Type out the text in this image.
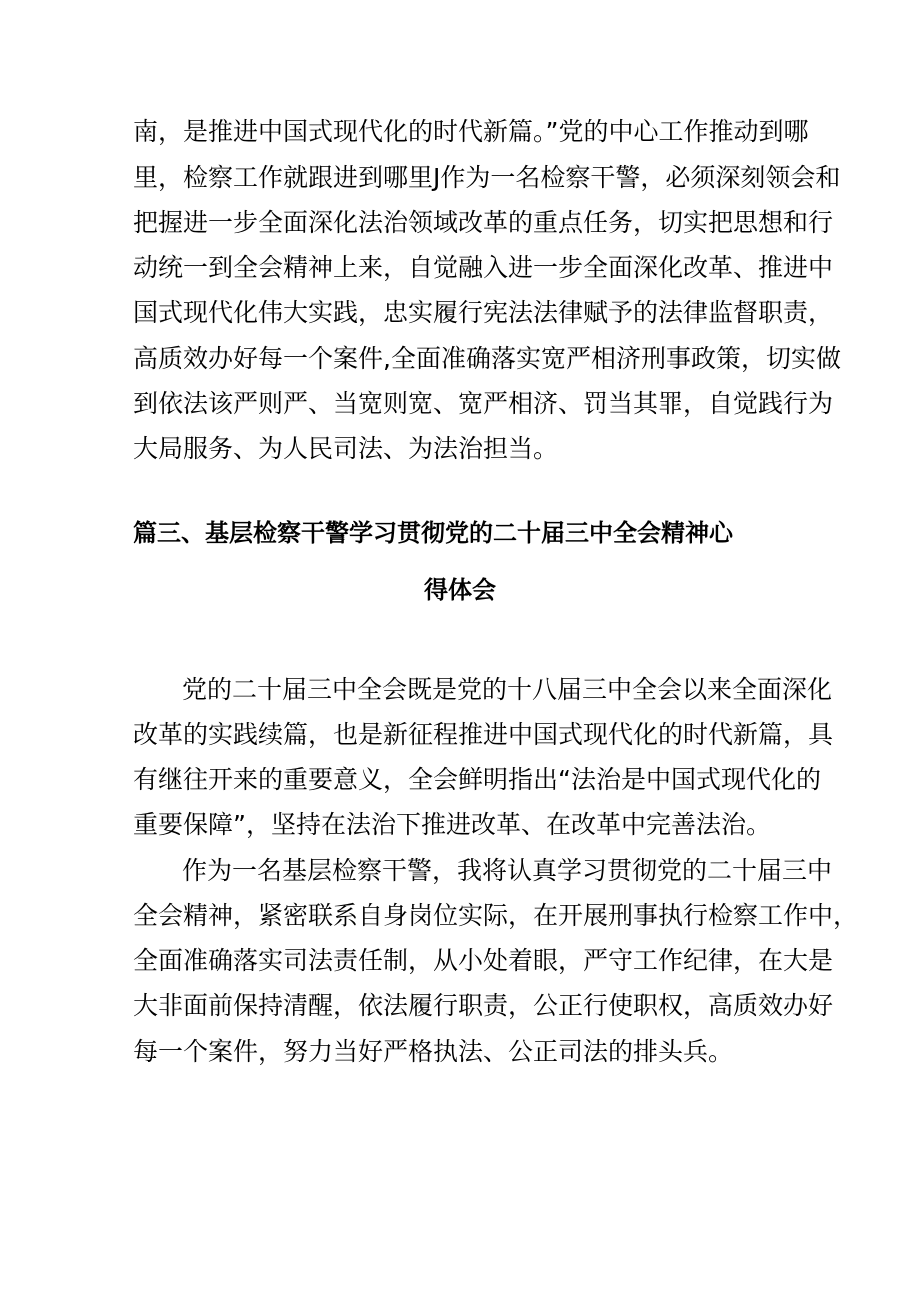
南，是推进中国式现代化的时代新篇。”党的中心工作推动到哪
里，检察工作就跟进到哪里J作为一名检察干警，必须深刻领会和
把握进一步全面深化法治领域改革的重点任务，切实把思想和行
动统一到全会精神上来，自觉融入进一步全面深化改革、推进中
国式现代化伟大实践，忠实履行宪法法律赋予的法律监督职责，
高质效办好每一个案件,全面准确落实宽严相济刑事政策，切实做
到依法该严则严、当宽则宽、宽严相济、罚当其罪，自觉践行为
大局服务、为人民司法、为法治担当。
篇三、基层检察干警学习贯彻党的二十届三中全会精神心
得体会
党的二十届三中全会既是党的十八届三中全会以来全面深化
改革的实践续篇，也是新征程推进中国式现代化的时代新篇，具
有继往开来的重要意义，全会鲜明指出“法治是中国式现代化的
重要保障”，坚持在法治下推进改革、在改革中完善法治。
作为一名基层检察干警，我将认真学习贯彻党的二十届三中
全会精神，紧密联系自身岗位实际，在开展刑事执行检察工作中，
全面准确落实司法责任制，从小处着眼，严守工作纪律，在大是
大非面前保持清醒，依法履行职责，公正行使职权，高质效办好
每一个案件，努力当好严格执法、公正司法的排头兵。
